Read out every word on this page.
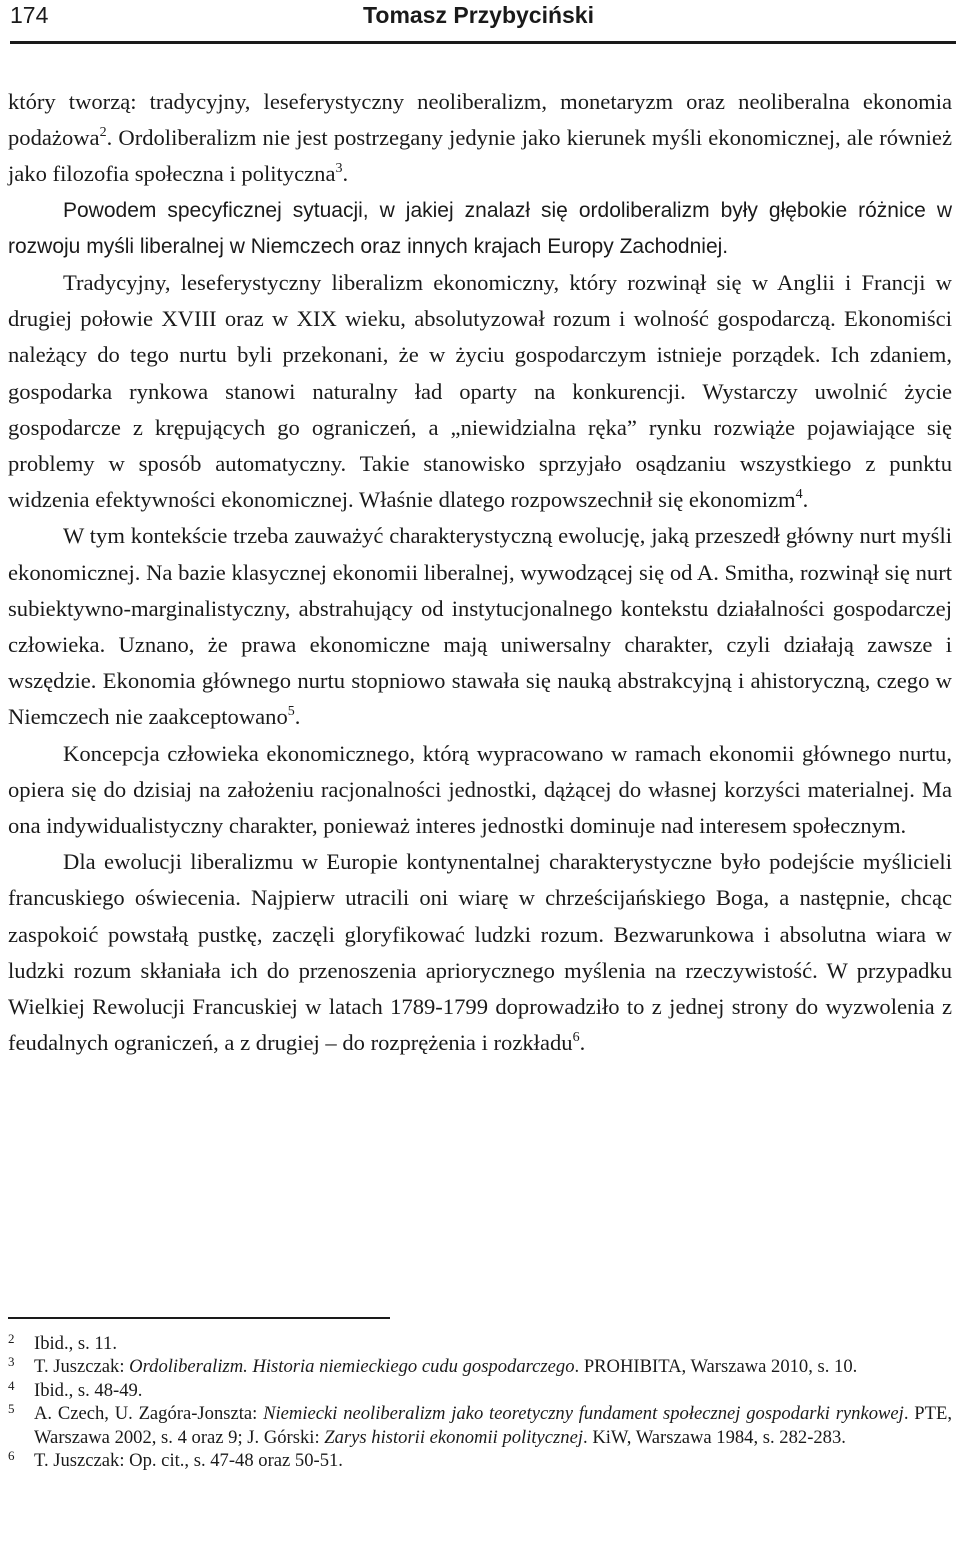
174	Tomasz Przybyciński

który tworzą: tradycyjny, leseferystyczny neoliberalizm, monetaryzm oraz neoliberalna ekonomia podażowa$^2$. Ordoliberalizm nie jest postrzegany jedynie jako kierunek myśli ekonomicznej, ale również jako filozofia społeczna i polityczna$^3$.

Powodem specyficznej sytuacji, w jakiej znalazł się ordoliberalizm były głębokie różnice w rozwoju myśli liberalnej w Niemczech oraz innych krajach Europy Zachodniej.

Tradycyjny, leseferystyczny liberalizm ekonomiczny, który rozwinął się w Anglii i Francji w drugiej połowie XVIII oraz w XIX wieku, absolutyzował rozum i wolność gospodarczą. Ekonomiści należący do tego nurtu byli przekonani, że w życiu gospodarczym istnieje porządek. Ich zdaniem, gospodarka rynkowa stanowi naturalny ład oparty na konkurencji. Wystarczy uwolnić życie gospodarcze z krępujących go ograniczeń, a „niewidzialna ręka” rynku rozwiąże pojawiające się problemy w sposób automatyczny. Takie stanowisko sprzyjało osądzaniu wszystkiego z punktu widzenia efektywności ekonomicznej. Właśnie dlatego rozpowszechnił się ekonomizm$^4$.

W tym kontekście trzeba zauważyć charakterystyczną ewolucję, jaką przeszedł główny nurt myśli ekonomicznej. Na bazie klasycznej ekonomii liberalnej, wywodzącej się od A. Smitha, rozwinął się nurt subiektywno-marginalistyczny, abstrahujący od instytucjonalnego kontekstu działalności gospodarczej człowieka. Uznano, że prawa ekonomiczne mają uniwersalny charakter, czyli działają zawsze i wszędzie. Ekonomia głównego nurtu stopniowo stawała się nauką abstrakcyjną i ahistoryczną, czego w Niemczech nie zaakceptowano$^5$.

Koncepcja człowieka ekonomicznego, którą wypracowano w ramach ekonomii głównego nurtu, opiera się do dzisiaj na założeniu racjonalności jednostki, dążącej do własnej korzyści materialnej. Ma ona indywidualistyczny charakter, ponieważ interes jednostki dominuje nad interesem społecznym.

Dla ewolucji liberalizmu w Europie kontynentalnej charakterystyczne było podejście myślicieli francuskiego oświecenia. Najpierw utracili oni wiarę w chrześcijańskiego Boga, a następnie, chcąc zaspokoić powstałą pustkę, zaczęli gloryfikować ludzki rozum. Bezwarunkowa i absolutna wiara w ludzki rozum skłaniała ich do przenoszenia apriorycznego myślenia na rzeczywistość. W przypadku Wielkiej Rewolucji Francuskiej w latach 1789-1799 doprowadziło to z jednej strony do wyzwolenia z feudalnych ograniczeń, a z drugiej – do rozprężenia i rozkładu$^6$.

2 Ibid., s. 11.

3 T. Juszczak: Ordoliberalizm. Historia niemieckiego cudu gospodarczego. PROHIBITA, Warszawa 2010, s. 10.

4 Ibid., s. 48-49.

5 A. Czech, U. Zagóra-Jonszta: Niemiecki neoliberalizm jako teoretyczny fundament społecznej gospodarki rynkowej. PTE, Warszawa 2002, s. 4 oraz 9; J. Górski: Zarys historii ekonomii politycznej. KiW, Warszawa 1984, s. 282-283.

6 T. Juszczak: Op. cit., s. 47-48 oraz 50-51.
